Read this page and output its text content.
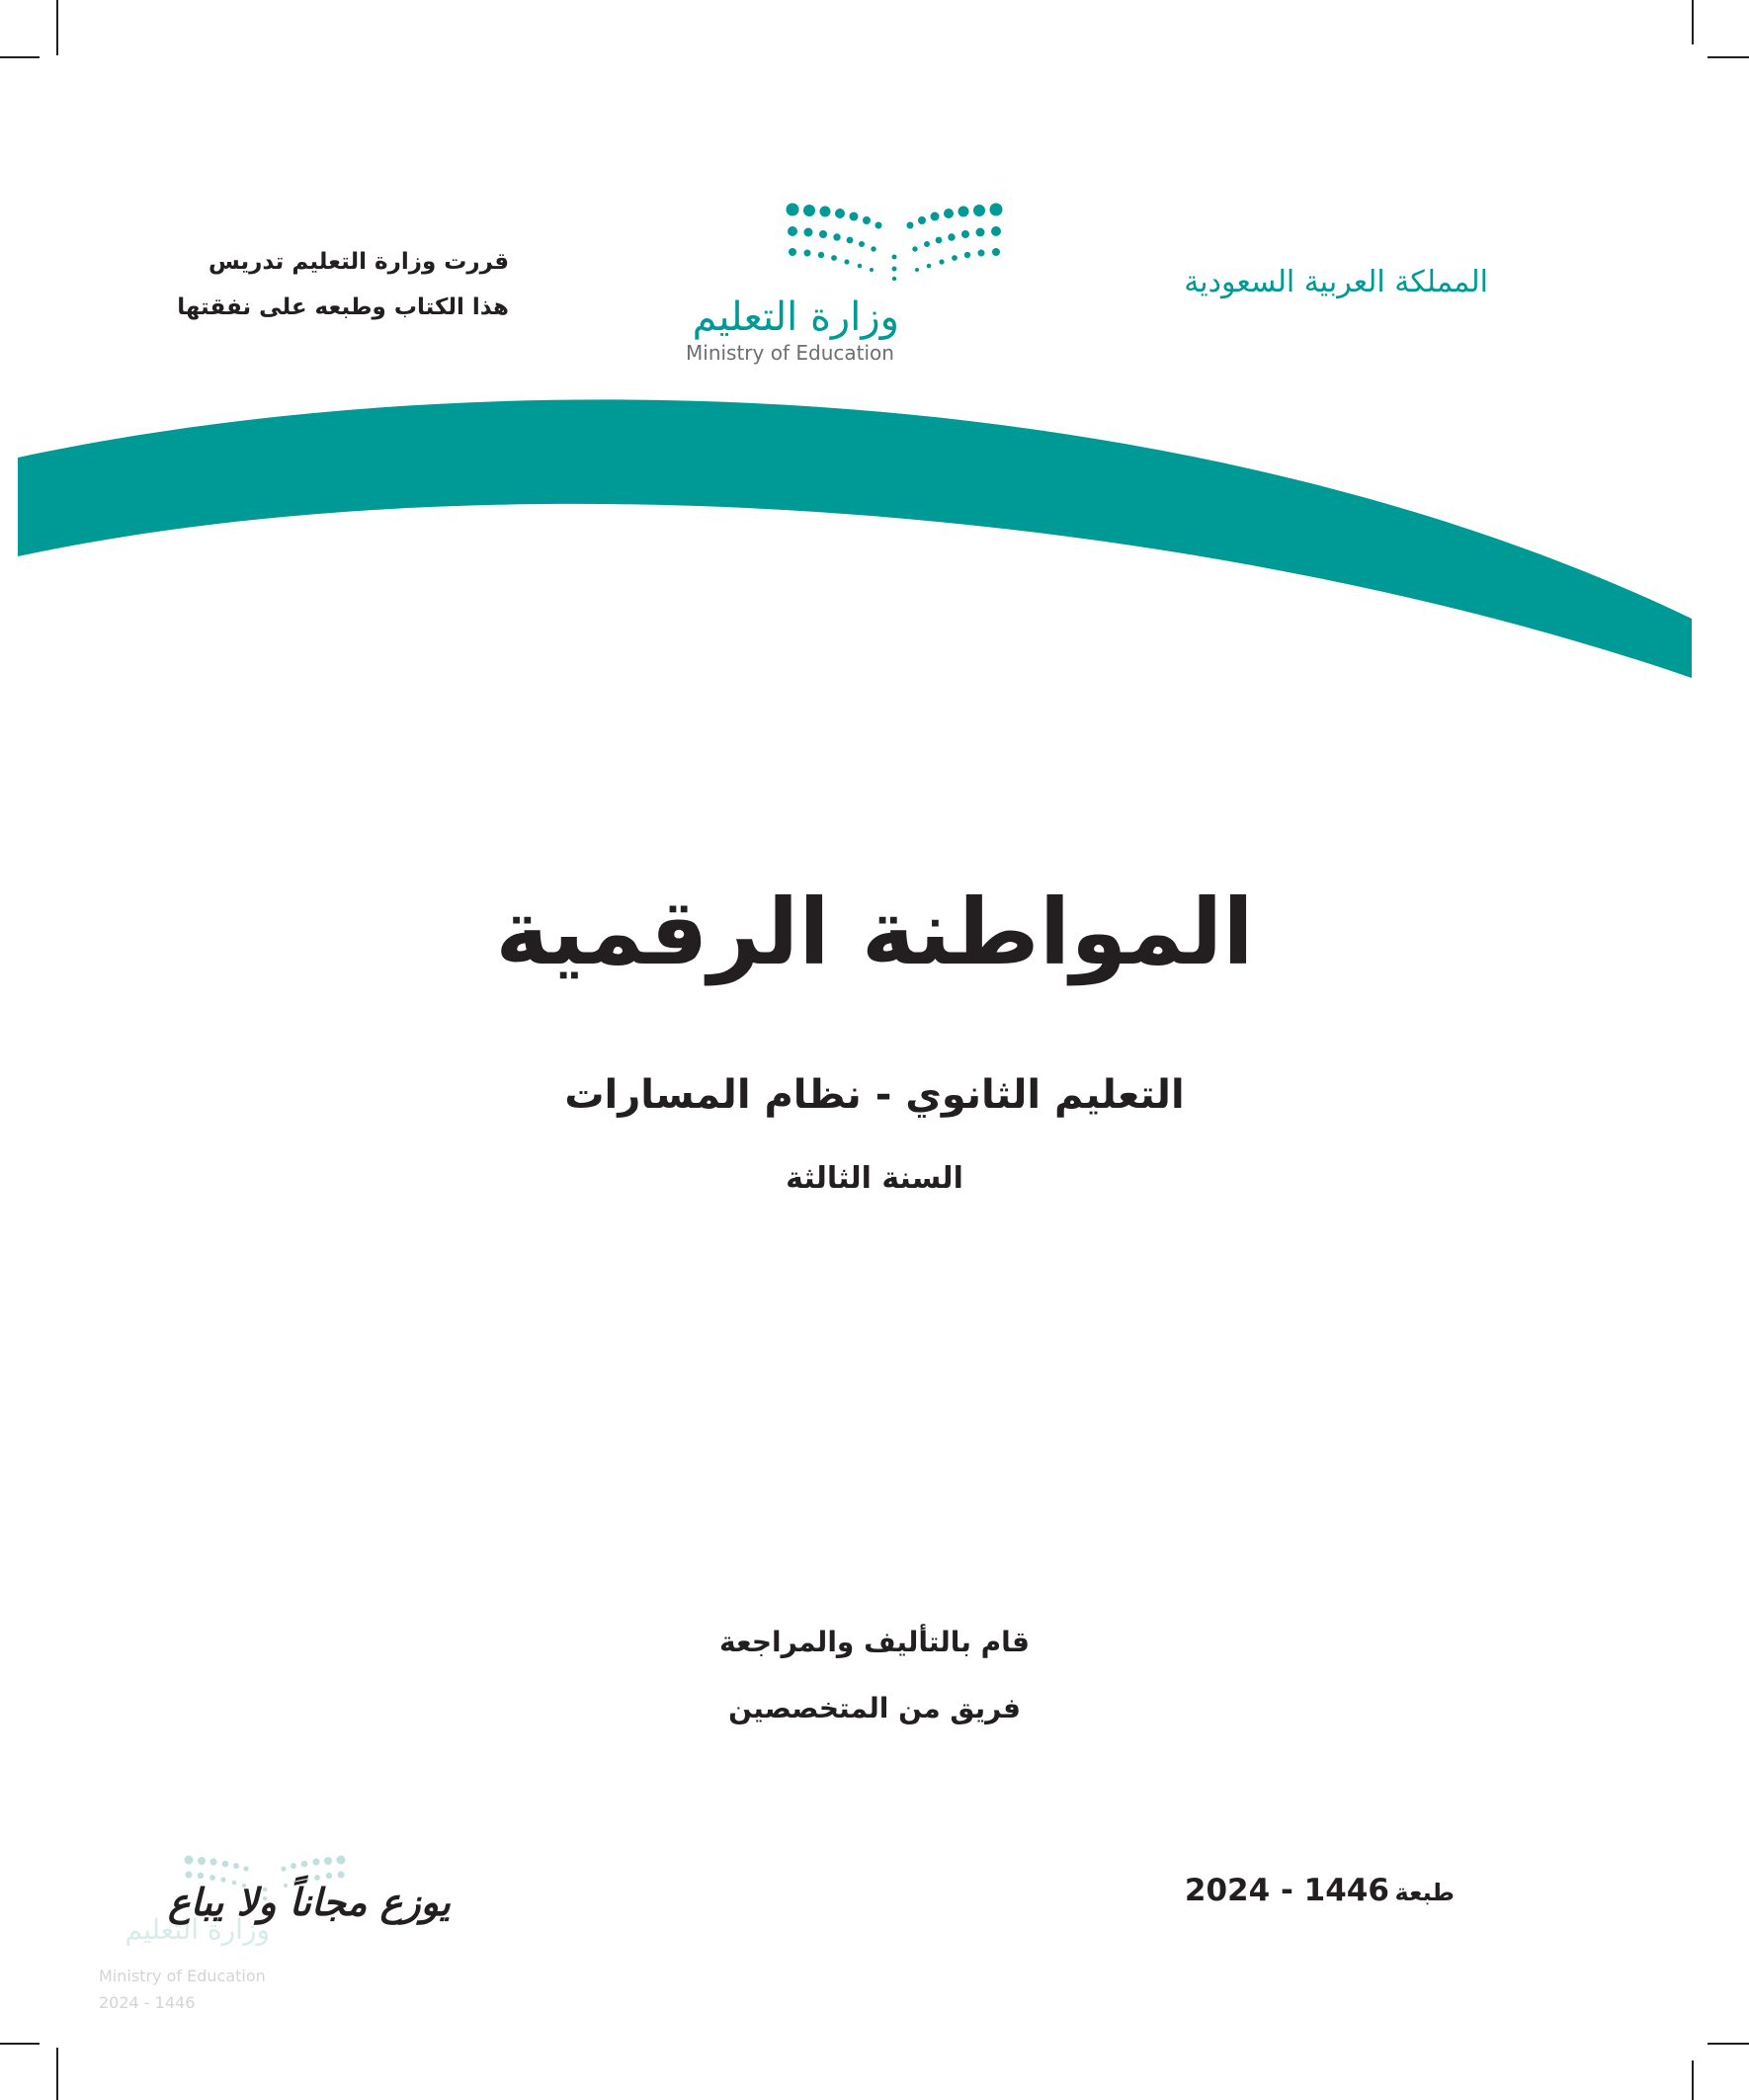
المملكة العربية السعودية
قررت وزارة التعليم تدريس
هذا الكتاب وطبعه على نفقتها	وزارة التعليم
Ministry of Education
المواطنة الرقمية
التعليم الثانوي - نظام المسارات
السنة الثالثة
قام بالتأليف والمراجعة
فريق من المتخصصين
طبعة 1446 - 2024
وزارة التعليم
يوزع مجاناً ولا يباع
Ministry of Education
2024 - 1446
